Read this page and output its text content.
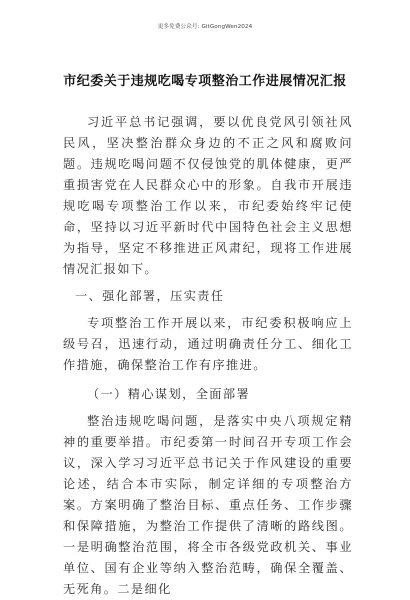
更多免费公众号: GitGongWen2024
市纪委关于违规吃喝专项整治工作进展情况汇报

习近平总书记强调，要以优良党风引领社风民风，坚决整治群众身边的不正之风和腐败问题。违规吃喝问题不仅侵蚀党的肌体健康，更严重损害党在人民群众心中的形象。自我市开展违规吃喝专项整治工作以来，市纪委始终牢记使命，坚持以习近平新时代中国特色社会主义思想为指导，坚定不移推进正风肃纪，现将工作进展情况汇报如下。

一、强化部署，压实责任

专项整治工作开展以来，市纪委积极响应上级号召，迅速行动，通过明确责任分工、细化工作措施，确保整治工作有序推进。

（一）精心谋划，全面部署

整治违规吃喝问题，是落实中央八项规定精神的重要举措。市纪委第一时间召开专项工作会议，深入学习习近平总书记关于作风建设的重要论述，结合本市实际，制定详细的专项整治方案。方案明确了整治目标、重点任务、工作步骤和保障措施，为整治工作提供了清晰的路线图。一是明确整治范围，将全市各级党政机关、事业单位、国有企业等纳入整治范畴，确保全覆盖、无死角。二是细化
